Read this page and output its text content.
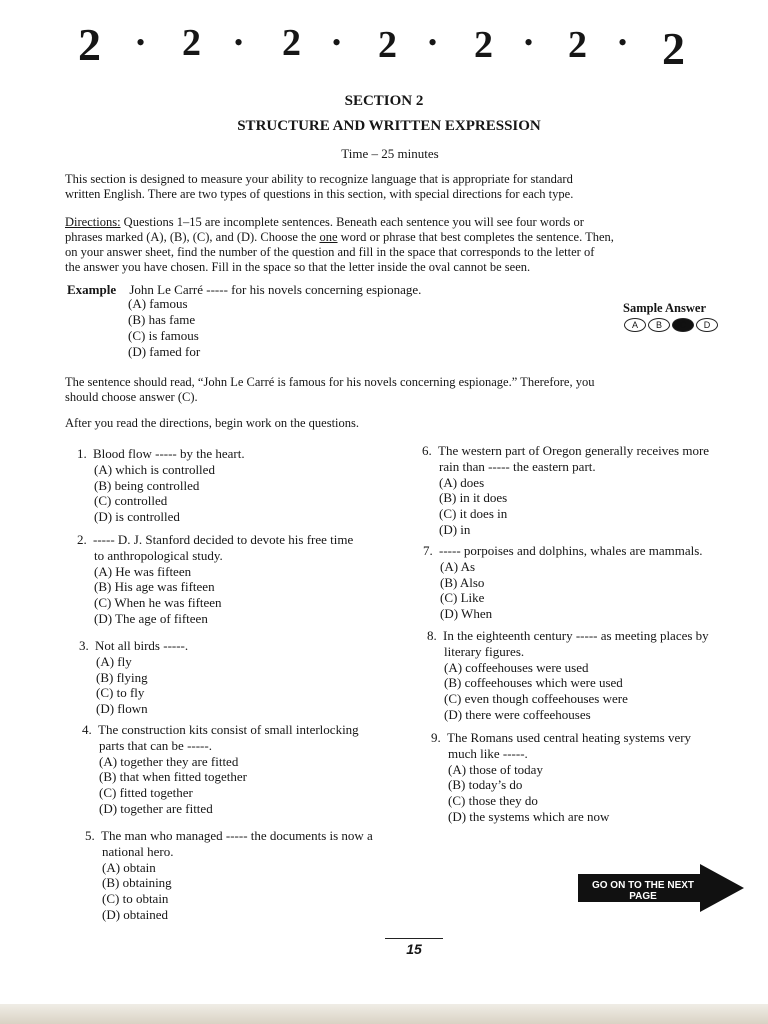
2 • 2 • 2 • 2 • 2 • 2 • 2
SECTION 2
STRUCTURE AND WRITTEN EXPRESSION
Time – 25 minutes
This section is designed to measure your ability to recognize language that is appropriate for standard
written English. There are two types of questions in this section, with special directions for each type.
Directions: Questions 1–15 are incomplete sentences. Beneath each sentence you will see four words or
phrases marked (A), (B), (C), and (D). Choose the one word or phrase that best completes the sentence. Then,
on your answer sheet, find the number of the question and fill in the space that corresponds to the letter of
the answer you have chosen. Fill in the space so that the letter inside the oval cannot be seen.
Example John Le Carré ----- for his novels concerning espionage.
(A) famous
(B) has fame
(C) is famous
(D) famed for
Sample Answer
A	B	C	D
The sentence should read, “John Le Carré is famous for his novels concerning espionage.” Therefore, you
should choose answer (C).
After you read the directions, begin work on the questions.
1. Blood flow ----- by the heart.
(A) which is controlled
(B) being controlled
(C) controlled
(D) is controlled
2. ----- D. J. Stanford decided to devote his free time
to anthropological study.
(A) He was fifteen
(B) His age was fifteen
(C) When he was fifteen
(D) The age of fifteen
3. Not all birds -----.
(A) fly
(B) flying
(C) to fly
(D) flown
4. The construction kits consist of small interlocking
parts that can be -----.
(A) together they are fitted
(B) that when fitted together
(C) fitted together
(D) together are fitted
5. The man who managed ----- the documents is now a
national hero.
(A) obtain
(B) obtaining
(C) to obtain
(D) obtained
6. The western part of Oregon generally receives more
rain than ----- the eastern part.
(A) does
(B) in it does
(C) it does in
(D) in
7. ----- porpoises and dolphins, whales are mammals.
(A) As
(B) Also
(C) Like
(D) When
8. In the eighteenth century ----- as meeting places by
literary figures.
(A) coffeehouses were used
(B) coffeehouses which were used
(C) even though coffeehouses were
(D) there were coffeehouses
9. The Romans used central heating systems very
much like -----.
(A) those of today
(B) today’s do
(C) those they do
(D) the systems which are now
GO ON TO THE NEXT PAGE
15
